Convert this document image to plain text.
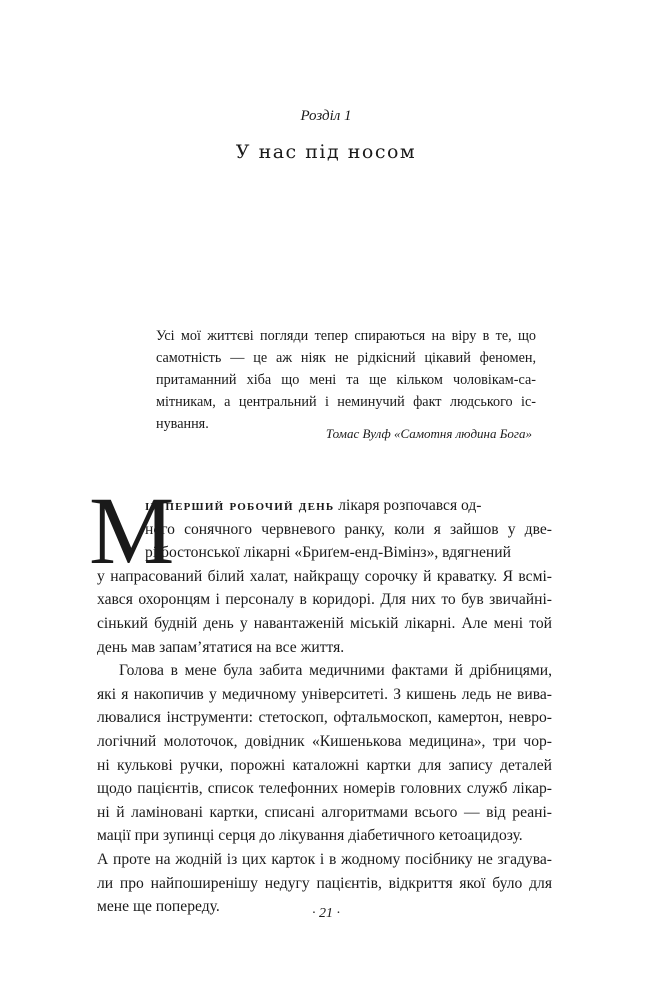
Розділ 1
У нас під носом
Усі мої життєві погляди тепер спираються на віру в те, що
самотність — це аж ніяк не рідкісний цікавий феномен,
притаманний хіба що мені та ще кільком чоловікам-са-
мітникам, а центральний і неминучий факт людського іс-
нування.
Томас Вулф «Самотня людина Бога»
М
ій перший робочий день лікаря розпочався од-
ного сонячного червневого ранку, коли я зайшов у две-
рі бостонської лікарні «Бриґем-енд-Вімінз», вдягнений
у напрасований білий халат, найкращу сорочку й краватку. Я всмі-
хався охоронцям і персоналу в коридорі. Для них то був звичайні-
сінький будній день у навантаженій міській лікарні. Але мені той
день мав запам’ятатися на все життя.
Голова в мене була забита медичними фактами й дрібницями,
які я накопичив у медичному університеті. З кишень ледь не вива-
лювалися інструменти: стетоскоп, офтальмоскоп, камертон, невро-
логічний молоточок, довідник «Кишенькова медицина», три чор-
ні кулькові ручки, порожні каталожні картки для запису деталей
щодо пацієнтів, список телефонних номерів головних служб лікар-
ні й ламіновані картки, списані алгоритмами всього — від реані-
мації при зупинці серця до лікування діабетичного кетоацидозу.
А проте на жодній із цих карток і в жодному посібнику не згадува-
ли про найпоширенішу недугу пацієнтів, відкриття якої було для
мене ще попереду.	· 21 ·
